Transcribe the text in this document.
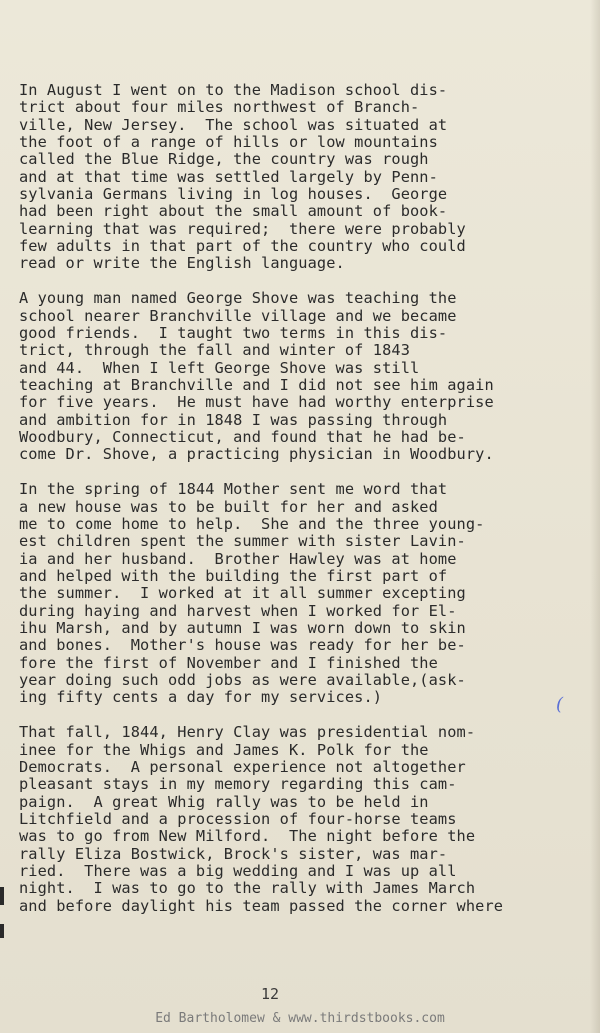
In August I went on to the Madison school dis-
trict about four miles northwest of Branch-
ville, New Jersey.  The school was situated at
the foot of a range of hills or low mountains
called the Blue Ridge, the country was rough
and at that time was settled largely by Penn-
sylvania Germans living in log houses.  George
had been right about the small amount of book-
learning that was required;  there were probably
few adults in that part of the country who could
read or write the English language.
A young man named George Shove was teaching the
school nearer Branchville village and we became
good friends.  I taught two terms in this dis-
trict, through the fall and winter of 1843
and 44.  When I left George Shove was still
teaching at Branchville and I did not see him again
for five years.  He must have had worthy enterprise
and ambition for in 1848 I was passing through
Woodbury, Connecticut, and found that he had be-
come Dr. Shove, a practicing physician in Woodbury.
In the spring of 1844 Mother sent me word that
a new house was to be built for her and asked
me to come home to help.  She and the three young-
est children spent the summer with sister Lavin-
ia and her husband.  Brother Hawley was at home
and helped with the building the first part of
the summer.  I worked at it all summer excepting
during haying and harvest when I worked for El-
ihu Marsh, and by autumn I was worn down to skin
and bones.  Mother's house was ready for her be-
fore the first of November and I finished the
year doing such odd jobs as were available,(ask-
ing fifty cents a day for my services.)
That fall, 1844, Henry Clay was presidential nom-
inee for the Whigs and James K. Polk for the
Democrats.  A personal experience not altogether
pleasant stays in my memory regarding this cam-
paign.  A great Whig rally was to be held in
Litchfield and a procession of four-horse teams
was to go from New Milford.  The night before the
rally Eliza Bostwick, Brock's sister, was mar-
ried.  There was a big wedding and I was up all
night.  I was to go to the rally with James March
and before daylight his team passed the corner where
(
12
Ed Bartholomew & www.thirdstbooks.com
